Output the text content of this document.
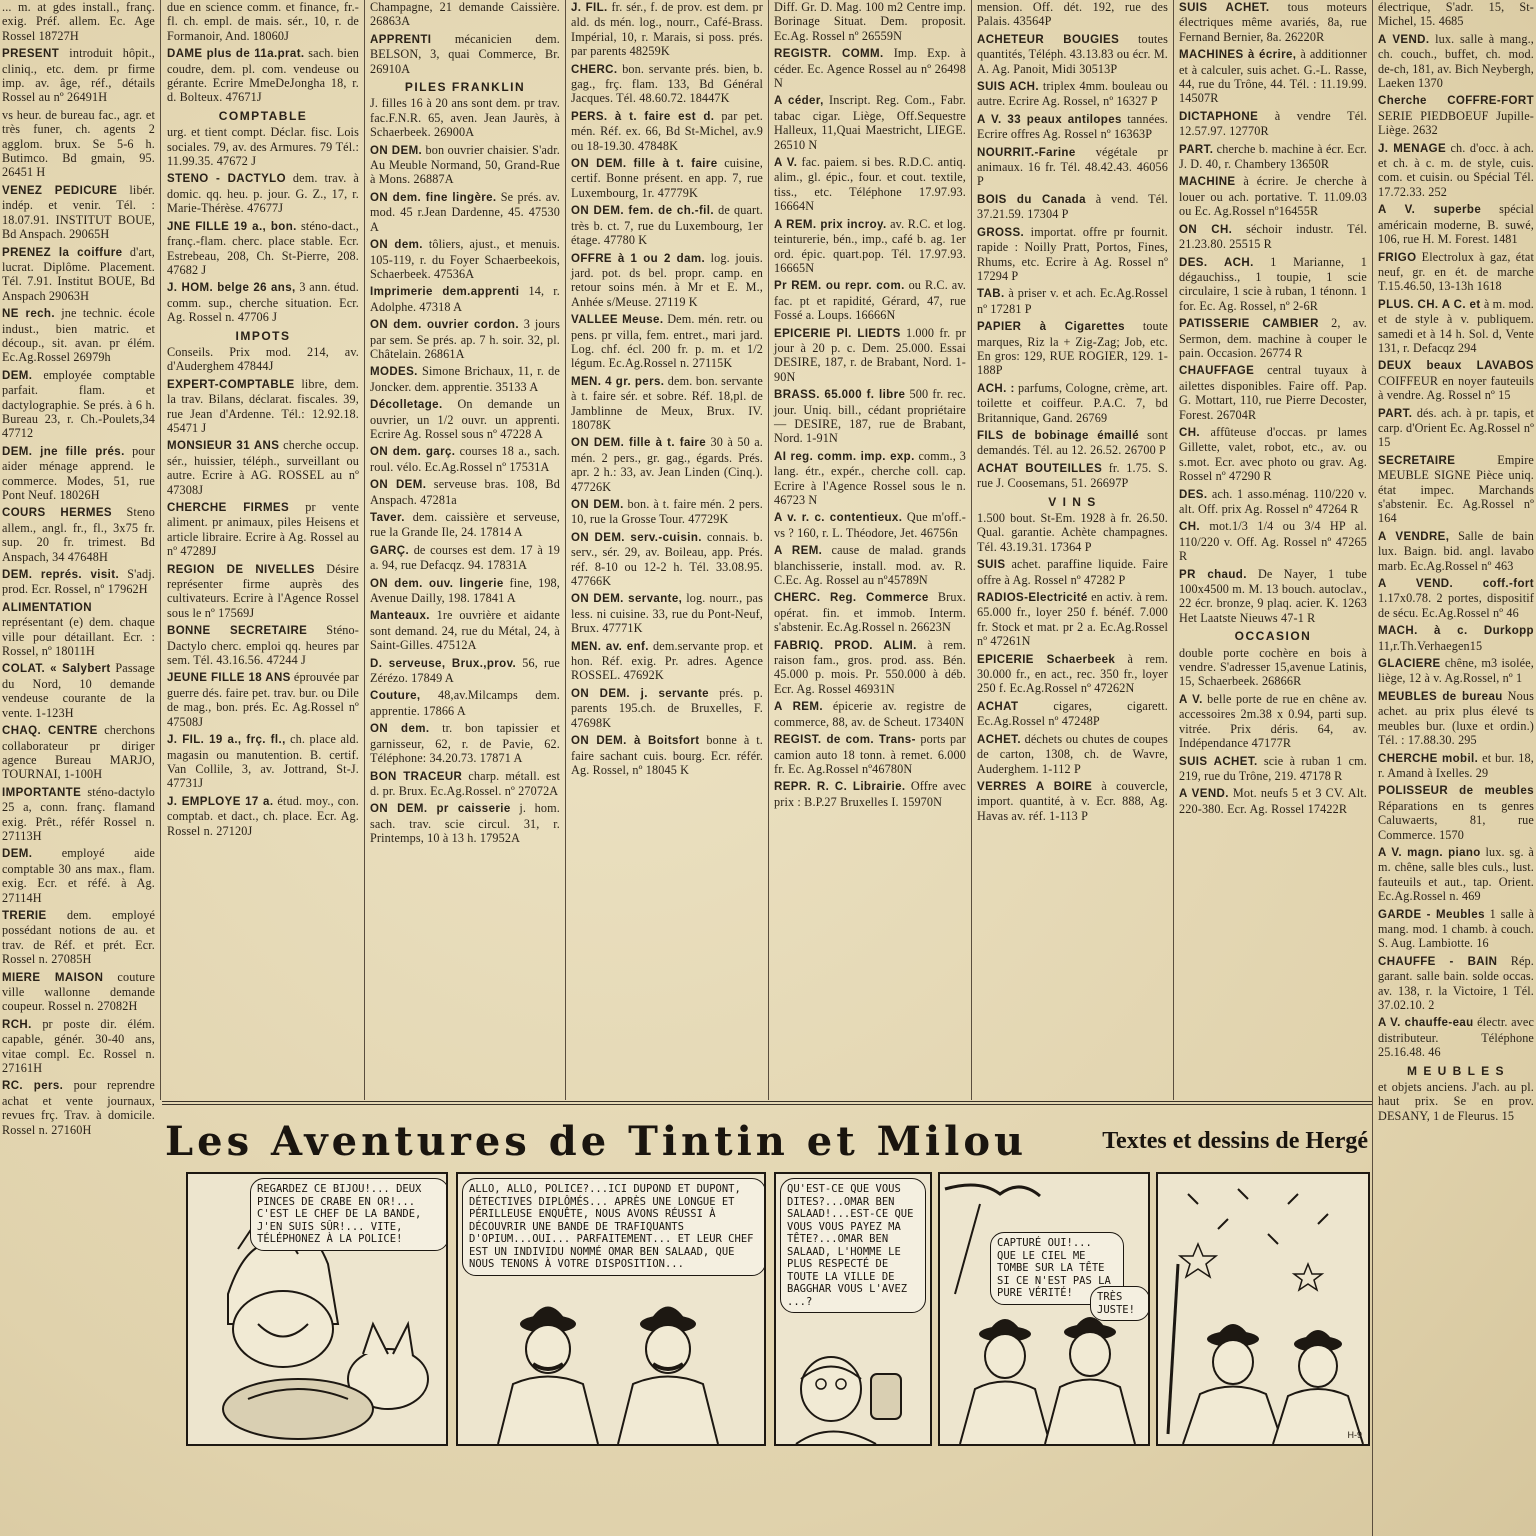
... m. at gdes install., franç. exig. Préf. allem. Ec. Age Rossel 18727H

PRESENT introduit hôpit., cliniq., etc. dem. pr firme imp. av. âge, réf., détails Rossel au nº 26491H

vs heur. de bureau fac., agr. et très funer, ch. agents 2 agglom. brux. Se 5-6 h. Butimco. Bd gmain, 95. 26451 H

VENEZ PEDICURE libér. indép. et venir. Tél. : 18.07.91. INSTITUT BOUE, Bd Anspach. 29065H

PRENEZ la coiffure d'art, lucrat. Diplôme. Placement. Tél. 7.91. Institut BOUE, Bd Anspach 29063H

NE rech. jne technic. école indust., bien matric. et découp., sit. avan. pr élém. Ec.Ag.Rossel 26979h

DEM. employée comptable parfait. flam. et dactylographie. Se prés. à 6 h. Bureau 23, r. Ch.-Poulets,34 47712

DEM. jne fille prés. pour aider ménage apprend. le commerce. Modes, 51, rue Pont Neuf. 18026H

COURS HERMES Steno allem., angl. fr., fl., 3x75 fr. sup. 20 fr. trimest. Bd Anspach, 34 47648H

DEM. représ. visit. S'adj. prod. Ecr. Rossel, nº 17962H

ALIMENTATION représentant (e) dem. chaque ville pour détaillant. Ecr. : Rossel, nº 18011H

COLAT. « Salybert Passage du Nord, 10 demande vendeuse courante de la vente. 1-123H

CHAQ. CENTRE cherchons collaborateur pr diriger agence Bureau MARJO, TOURNAI, 1-100H

IMPORTANTE sténo-dactylo 25 a, conn. franç. flamand exig. Prêt., référ Rossel n. 27113H

DEM. employé aide comptable 30 ans max., flam. exig. Ecr. et réfé. à Ag. 27114H

TRERIE dem. employé possédant notions de au. et trav. de Réf. et prét. Ecr. Rossel n. 27085H

MIERE MAISON couture ville wallonne demande coupeur. Rossel n. 27082H

RCH. pr poste dir. élém. capable, génér. 30-40 ans, vitae compl. Ec. Rossel n. 27161H

RC. pers. pour reprendre achat et vente journaux, revues frç. Trav. à domicile. Rossel n. 27160H

due en science comm. et finance, fr.-fl. ch. empl. de mais. sér., 10, r. de Formanoir, And. 18060J

DAME plus de 11a.prat. sach. bien coudre, dem. pl. com. vendeuse ou gérante. Ecrire MmeDeJongha 18, r. d. Bolteux. 47671J

COMPTABLE

urg. et tient compt. Déclar. fisc. Lois sociales. 79, av. des Armures. 79 Tél.: 11.99.35. 47672 J

STENO - DACTYLO dem. trav. à domic. qq. heu. p. jour. G. Z., 17, r. Marie-Thérèse. 47677J

JNE FILLE 19 a., bon. sténo-dact., franç.-flam. cherc. place stable. Ecr. Estrebeau, 208, Ch. St-Pierre, 208. 47682 J

J. HOM. belge 26 ans, 3 ann. étud. comm. sup., cherche situation. Ecr. Ag. Rossel n. 47706 J

IMPOTS

Conseils. Prix mod. 214, av. d'Auderghem 47844J

EXPERT-COMPTABLE libre, dem. la trav. Bilans, déclarat. fiscales. 39, rue Jean d'Ardenne. Tél.: 12.92.18. 45471 J

MONSIEUR 31 ANS cherche occup. sér., huissier, téléph., surveillant ou autre. Ecrire à AG. ROSSEL au nº 47308J

CHERCHE FIRMES pr vente aliment. pr animaux, piles Heisens et article libraire. Ecrire à Ag. Rossel au nº 47289J

REGION DE NIVELLES Désire représenter firme auprès des cultivateurs. Ecrire à l'Agence Rossel sous le nº 17569J

BONNE SECRETAIRE Sténo-Dactylo cherc. emploi qq. heures par sem. Tél. 43.16.56. 47244 J

JEUNE FILLE 18 ANS éprouvée par guerre dés. faire pet. trav. bur. ou Dile de mag., bon. prés. Ec. Ag.Rossel nº 47508J

J. FIL. 19 a., frç. fl., ch. place ald. magasin ou manutention. B. certif. Van Collile, 3, av. Jottrand, St-J. 47731J

J. EMPLOYE 17 a. étud. moy., con. comptab. et dact., ch. place. Ecr. Ag. Rossel n. 27120J

Champagne, 21 demande Caissière. 26863A

APPRENTI mécanicien dem. BELSON, 3, quai Commerce, Br. 26910A

PILES FRANKLIN

J. filles 16 à 20 ans sont dem. pr trav. fac.F.N.R. 65, aven. Jean Jaurès, à Schaerbeek. 26900A

ON DEM. bon ouvrier chaisier. S'adr. Au Meuble Normand, 50, Grand-Rue à Mons. 26887A

ON dem. fine lingère. Se prés. av. mod. 45 r.Jean Dardenne, 45. 47530 A

ON dem. tôliers, ajust., et menuis. 105-119, r. du Foyer Schaerbeekois, Schaerbeek. 47536A

Imprimerie dem.apprenti 14, r. Adolphe. 47318 A

ON dem. ouvrier cordon. 3 jours par sem. Se prés. ap. 7 h. soir. 32, pl. Châtelain. 26861A

MODES. Simone Brichaux, 11, r. de Joncker. dem. apprentie. 35133 A

Décolletage. On demande un ouvrier, un 1/2 ouvr. un apprenti. Ecrire Ag. Rossel sous nº 47228 A

ON dem. garç. courses 18 a., sach. roul. vélo. Ec.Ag.Rossel nº 17531A

ON DEM. serveuse bras. 108, Bd Anspach. 47281a

Taver. dem. caissière et serveuse, rue la Grande Ile, 24. 17814 A

GARÇ. de courses est dem. 17 à 19 a. 94, rue Defacqz. 94. 17831A

ON dem. ouv. lingerie fine, 198, Avenue Dailly, 198. 17841 A

Manteaux. 1re ouvrière et aidante sont demand. 24, rue du Métal, 24, à Saint-Gilles. 47512A

D. serveuse, Brux.,prov. 56, rue Zérézo. 17849 A

Couture, 48,av.Milcamps dem. apprentie. 17866 A

ON dem. tr. bon tapissier et garnisseur, 62, r. de Pavie, 62. Téléphone: 34.20.73. 17871 A

BON TRACEUR charp. métall. est d. pr. Brux. Ec.Ag.Rossel. nº 27072A

ON DEM. pr caisserie j. hom. sach. trav. scie circul. 31, r. Printemps, 10 à 13 h. 17952A

J. FIL. fr. sér., f. de prov. est dem. pr ald. ds mén. log., nourr., Café-Brass. Impérial, 10, r. Marais, si poss. prés. par parents 48259K

CHERC. bon. servante prés. bien, b. gag., frç. flam. 133, Bd Général Jacques. Tél. 48.60.72. 18447K

PERS. à t. faire est d. par pet. mén. Réf. ex. 66, Bd St-Michel, av.9 ou 18-19.30. 47848K

ON DEM. fille à t. faire cuisine, certif. Bonne présent. en app. 7, rue Luxembourg, 1r. 47779K

ON DEM. fem. de ch.-fil. de quart. très b. ct. 7, rue du Luxembourg, 1er étage. 47780 K

OFFRE à 1 ou 2 dam. log. jouis. jard. pot. ds bel. propr. camp. en retour soins mén. à Mr et E. M., Anhée s/Meuse. 27119 K

VALLEE Meuse. Dem. mén. retr. ou pens. pr villa, fem. entret., mari jard. Log. chf. écl. 200 fr. p. m. et 1/2 légum. Ec.Ag.Rossel n. 27115K

MEN. 4 gr. pers. dem. bon. servante à t. faire sér. et sobre. Réf. 18,pl. de Jamblinne de Meux, Brux. IV. 18078K

ON DEM. fille à t. faire 30 à 50 a. mén. 2 pers., gr. gag., égards. Prés. apr. 2 h.: 33, av. Jean Linden (Cinq.). 47726K

ON DEM. bon. à t. faire mén. 2 pers. 10, rue la Grosse Tour. 47729K

ON DEM. serv.-cuisin. connais. b. serv., sér. 29, av. Boileau, app. Prés. réf. 8-10 ou 12-2 h. Tél. 33.08.95. 47766K

ON DEM. servante, log. nourr., pas less. ni cuisine. 33, rue du Pont-Neuf, Brux. 47771K

MEN. av. enf. dem.servante prop. et hon. Réf. exig. Pr. adres. Agence ROSSEL. 47692K

ON DEM. j. servante prés. p. parents 195.ch. de Bruxelles, F. 47698K

ON DEM. à Boitsfort bonne à t. faire sachant cuis. bourg. Ecr. référ. Ag. Rossel, nº 18045 K

Diff. Gr. D. Mag. 100 m2 Centre imp. Borinage Situat. Dem. proposit. Ec.Ag. Rossel nº 26559N

REGISTR. COMM. Imp. Exp. à céder. Ec. Agence Rossel au nº 26498 N

A céder, Inscript. Reg. Com., Fabr. tabac cigar. Liège, Off.Sequestre Halleux, 11,Quai Maestricht, LIEGE. 26510 N

A V. fac. paiem. si bes. R.D.C. antiq. alim., gl. épic., four. et cout. textile, tiss., etc. Téléphone 17.97.93. 16664N

A REM. prix incroy. av. R.C. et log. teinturerie, bén., imp., café b. ag. 1er ord. épic. quart.pop. Tél. 17.97.93. 16665N

Pr REM. ou repr. com. ou R.C. av. fac. pt et rapidité, Gérard, 47, rue Fossé a. Loups. 16666N

EPICERIE Pl. LIEDTS 1.000 fr. pr jour à 20 p. c. Dem. 25.000. Essai DESIRE, 187, r. de Brabant, Nord. 1-90N

BRASS. 65.000 f. libre 500 fr. rec. jour. Uniq. bill., cédant propriétaire — DESIRE, 187, rue de Brabant, Nord. 1-91N

AI reg. comm. imp. exp. comm., 3 lang. étr., expér., cherche coll. cap. Ecrire à l'Agence Rossel sous le n. 46723 N

A v. r. c. contentieux. Que m'off.-vs ? 160, r. L. Théodore, Jet. 46756n

A REM. cause de malad. grands blanchisserie, install. mod. av. R. C.Ec. Ag. Rossel au nº45789N

CHERC. Reg. Commerce Brux. opérat. fin. et immob. Interm. s'abstenir. Ec.Ag.Rossel n. 26623N

FABRIQ. PROD. ALIM. à rem. raison fam., gros. prod. ass. Bén. 45.000 p. mois. Pr. 550.000 à déb. Ecr. Ag. Rossel 46931N

A REM. épicerie av. registre de commerce, 88, av. de Scheut. 17340N

REGIST. de com. Trans- ports par camion auto 18 tonn. à remet. 6.000 fr. Ec. Ag.Rossel nº46780N

REPR. R. C. Librairie. Offre avec prix : B.P.27 Bruxelles I. 15970N

mension. Off. dét. 192, rue des Palais. 43564P

ACHETEUR BOUGIES toutes quantités, Téléph. 43.13.83 ou écr. M. A. Ag. Panoit, Midi 30513P

SUIS ACH. triplex 4mm. bouleau ou autre. Ecrire Ag. Rossel, nº 16327 P

A V. 33 peaux antilopes tannées. Ecrire offres Ag. Rossel nº 16363P

NOURRIT.-Farine végétale pr animaux. 16 fr. Tél. 48.42.43. 46056 P

BOIS du Canada à vend. Tél. 37.21.59. 17304 P

GROSS. importat. offre pr fournit. rapide : Noilly Pratt, Portos, Fines, Rhums, etc. Ecrire à Ag. Rossel nº 17294 P

TAB. à priser v. et ach. Ec.Ag.Rossel nº 17281 P

PAPIER à Cigarettes toute marques, Riz la + Zig-Zag; Job, etc. En gros: 129, RUE ROGIER, 129. 1-188P

ACH. : parfums, Cologne, crème, art. toilette et coiffeur. P.A.C. 7, bd Britannique, Gand. 26769

FILS de bobinage émaillé sont demandés. Tél. au 12. 26.52. 26700 P

ACHAT BOUTEILLES fr. 1.75. S. rue J. Coosemans, 51. 26697P

V I N S

1.500 bout. St-Em. 1928 à fr. 26.50. Qual. garantie. Achète champagnes. Tél. 43.19.31. 17364 P

SUIS achet. paraffine liquide. Faire offre à Ag. Rossel nº 47282 P

RADIOS-Electricité en activ. à rem. 65.000 fr., loyer 250 f. bénéf. 7.000 fr. Stock et mat. pr 2 a. Ec.Ag.Rossel nº 47261N

EPICERIE Schaerbeek à rem. 30.000 fr., en act., rec. 350 fr., loyer 250 f. Ec.Ag.Rossel nº 47262N

ACHAT	cigares, cigarett. Ec.Ag.Rossel nº 47248P

ACHET. déchets ou chutes de coupes de carton, 1308, ch. de Wavre, Auderghem. 1-112 P

VERRES A BOIRE à couvercle, import. quantité, à v. Ecr. 888, Ag. Havas av. réf. 1-113 P

SUIS ACHET. tous moteurs électriques même avariés, 8a, rue Fernand Bernier, 8a. 26220R

MACHINES à écrire, à additionner et à calculer, suis achet. G.-L. Rasse, 44, rue du Trône, 44. Tél. : 11.19.99. 14507R

DICTAPHONE à vendre Tél. 12.57.97. 12770R

PART. cherche b. machine à écr. Ecr. J. D. 40, r. Chambery 13650R

MACHINE à écrire. Je cherche à louer ou ach. portative. T. 11.09.03 ou Ec. Ag.Rossel nº16455R

ON CH. séchoir industr. Tél. 21.23.80. 25515 R

DES. ACH. 1 Marianne, 1 dégauchiss., 1 toupie, 1 scie circulaire, 1 scie à ruban, 1 ténonn. 1 for. Ec. Ag. Rossel, nº 2-6R

PATISSERIE CAMBIER 2, av. Sermon, dem. machine à couper le pain. Occasion. 26774 R

CHAUFFAGE central tuyaux à ailettes disponibles. Faire off. Pap. G. Mottart, 110, rue Pierre Decoster, Forest. 26704R

CH. affûteuse d'occas. pr lames Gillette, valet, robot, etc., av. ou s.mot. Ecr. avec photo ou grav. Ag. Rossel nº 47290 R

DES. ach. 1 asso.ménag. 110/220 v. alt. Off. prix Ag. Rossel nº 47264 R

CH. mot.1/3 1/4 ou 3/4 HP al. 110/220 v. Off. Ag. Rossel nº 47265 R

PR chaud. De Nayer, 1 tube 100x4500 m. M. 13 bouch. autoclav., 22 écr. bronze, 9 plaq. acier. K. 1263 Het Laatste Nieuws 47-1 R

OCCASION

double porte cochère en bois à vendre. S'adresser 15,avenue Latinis, 15, Schaerbeek. 26866R

A V. belle porte de rue en chêne av. accessoires 2m.38 x 0.94, parti sup. vitrée. Prix déris. 64, av. Indépendance 47177R

SUIS ACHET. scie à ruban 1 cm. 219, rue du Trône, 219. 47178 R

A VEND. Mot. neufs 5 et 3 CV. Alt. 220-380. Ecr. Ag. Rossel 17422R

électrique, S'adr. 15, St-Michel, 15. 4685

A VEND. lux. salle à mang., ch. couch., buffet, ch. mod. de-ch, 181, av. Bich Neybergh, Laeken 1370

Cherche COFFRE-FORT SERIE PIEDBOEUF Jupille-Liège. 2632

J. MENAGE ch. d'occ. à ach. et ch. à c. m. de style, cuis. com. et cuisin. ou Spécial Tél. 17.72.33. 252

A V. superbe spécial américain moderne, B. suwé, 106, rue H. M. Forest. 1481

FRIGO Electrolux à gaz, état neuf, gr. en ét. de marche T.15.46.50, 13-13h 1618

PLUS. CH. A C. et à m. mod. et de style à v. publiquem. samedi et à 14 h. Sol. d, Vente 131, r. Defacqz 294

DEUX beaux LAVABOS COIFFEUR en noyer fauteuils à vendre. Ag. Rossel nº 15

PART. dés. ach. à pr. tapis, et carp. d'Orient Ec. Ag.Rossel nº 15

SECRETAIRE	Empire MEUBLE SIGNE Pièce uniq. état impec. Marchands s'abstenir. Ec. Ag.Rossel nº 164

A VENDRE, Salle de bain lux. Baign. bid. angl. lavabo marb. Ec.Ag.Rossel nº 463

A VEND. coff.-fort 1.17x0.78. 2 portes, dispositif de sécu. Ec.Ag.Rossel nº 46

MACH. à c. Durkopp 11,r.Th.Verhaegen15

GLACIERE chêne, m3 isolée, liège, 12 à v. Ag.Rossel, nº 1

MEUBLES de bureau Nous achet. au prix plus élevé ts meubles bur. (luxe et ordin.) Tél. : 17.88.30. 295

CHERCHE mobil. et bur. 18, r. Amand à Ixelles. 29

POLISSEUR de meubles Réparations en ts genres Caluwaerts, 81, rue Commerce. 1570

A V. magn. piano lux. sg. à m. chêne, salle bles culs., lust. fauteuils et aut., tap. Orient. Ec.Ag.Rossel n. 469

GARDE - Meubles 1 salle à mang. mod. 1 chamb. à couch. S. Aug. Lambiotte. 16

CHAUFFE - BAIN Rép. garant. salle bain. solde occas. av. 138, r. la Victoire, 1 Tél. 37.02.10. 2

A V. chauffe-eau électr. avec distributeur. Téléphone 25.16.48. 46

M E U B L E S

et objets anciens. J'ach. au pl. haut prix. Se en prov. DESANY, 1 de Fleurus. 15

Les Aventures de Tintin et Milou	Textes et dessins de Hergé
REGARDEZ CE BIJOU!... DEUX PINCES DE CRABE EN OR!... C'EST LE CHEF DE LA BANDE, J'EN SUIS SÛR!... VITE, TÉLÉPHONEZ À LA POLICE!
ALLO, ALLO, POLICE?...ICI DUPOND ET DUPONT, DÉTECTIVES DIPLÔMÉS... APRÈS UNE LONGUE ET PÉRILLEUSE ENQUÊTE, NOUS AVONS RÉUSSI À DÉCOUVRIR UNE BANDE DE TRAFIQUANTS D'OPIUM...OUI... PARFAITEMENT... ET LEUR CHEF EST UN INDIVIDU NOMMÉ OMAR BEN SALAAD, QUE NOUS TENONS À VOTRE DISPOSITION...
QU'EST-CE QUE VOUS DITES?...OMAR BEN SALAAD!...EST-CE QUE VOUS VOUS PAYEZ MA TÊTE?...OMAR BEN SALAAD, L'HOMME LE PLUS RESPECTÉ DE TOUTE LA VILLE DE BAGGHAR VOUS L'AVEZ ...?
CAPTURÉ OUI!... QUE LE CIEL ME TOMBE SUR LA TÊTE SI CE N'EST PAS LA PURE VÉRITÉ!	TRÈS JUSTE!
H-9
